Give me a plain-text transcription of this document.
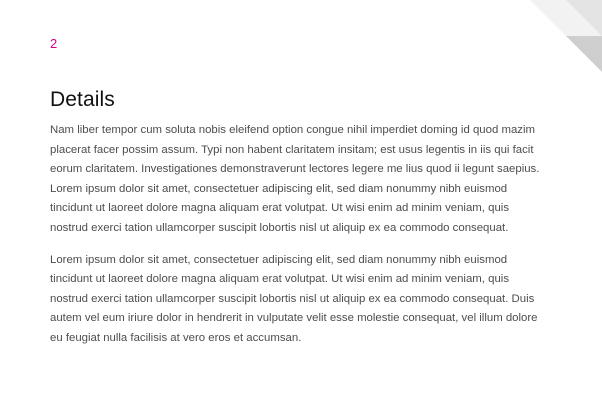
2
Details

Nam liber tempor cum soluta nobis eleifend option congue nihil imperdiet doming id quod mazim placerat facer possim assum. Typi non habent claritatem insitam; est usus legentis in iis qui facit eorum claritatem. Investigationes demonstraverunt lectores legere me lius quod ii legunt saepius. Lorem ipsum dolor sit amet, consectetuer adipiscing elit, sed diam nonummy nibh euismod tincidunt ut laoreet dolore magna aliquam erat volutpat. Ut wisi enim ad minim veniam, quis nostrud exerci tation ullamcorper suscipit lobortis nisl ut aliquip ex ea commodo consequat.

Lorem ipsum dolor sit amet, consectetuer adipiscing elit, sed diam nonummy nibh euismod tincidunt ut laoreet dolore magna aliquam erat volutpat. Ut wisi enim ad minim veniam, quis nostrud exerci tation ullamcorper suscipit lobortis nisl ut aliquip ex ea commodo consequat. Duis autem vel eum iriure dolor in hendrerit in vulputate velit esse molestie consequat, vel illum dolore eu feugiat nulla facilisis at vero eros et accumsan.
